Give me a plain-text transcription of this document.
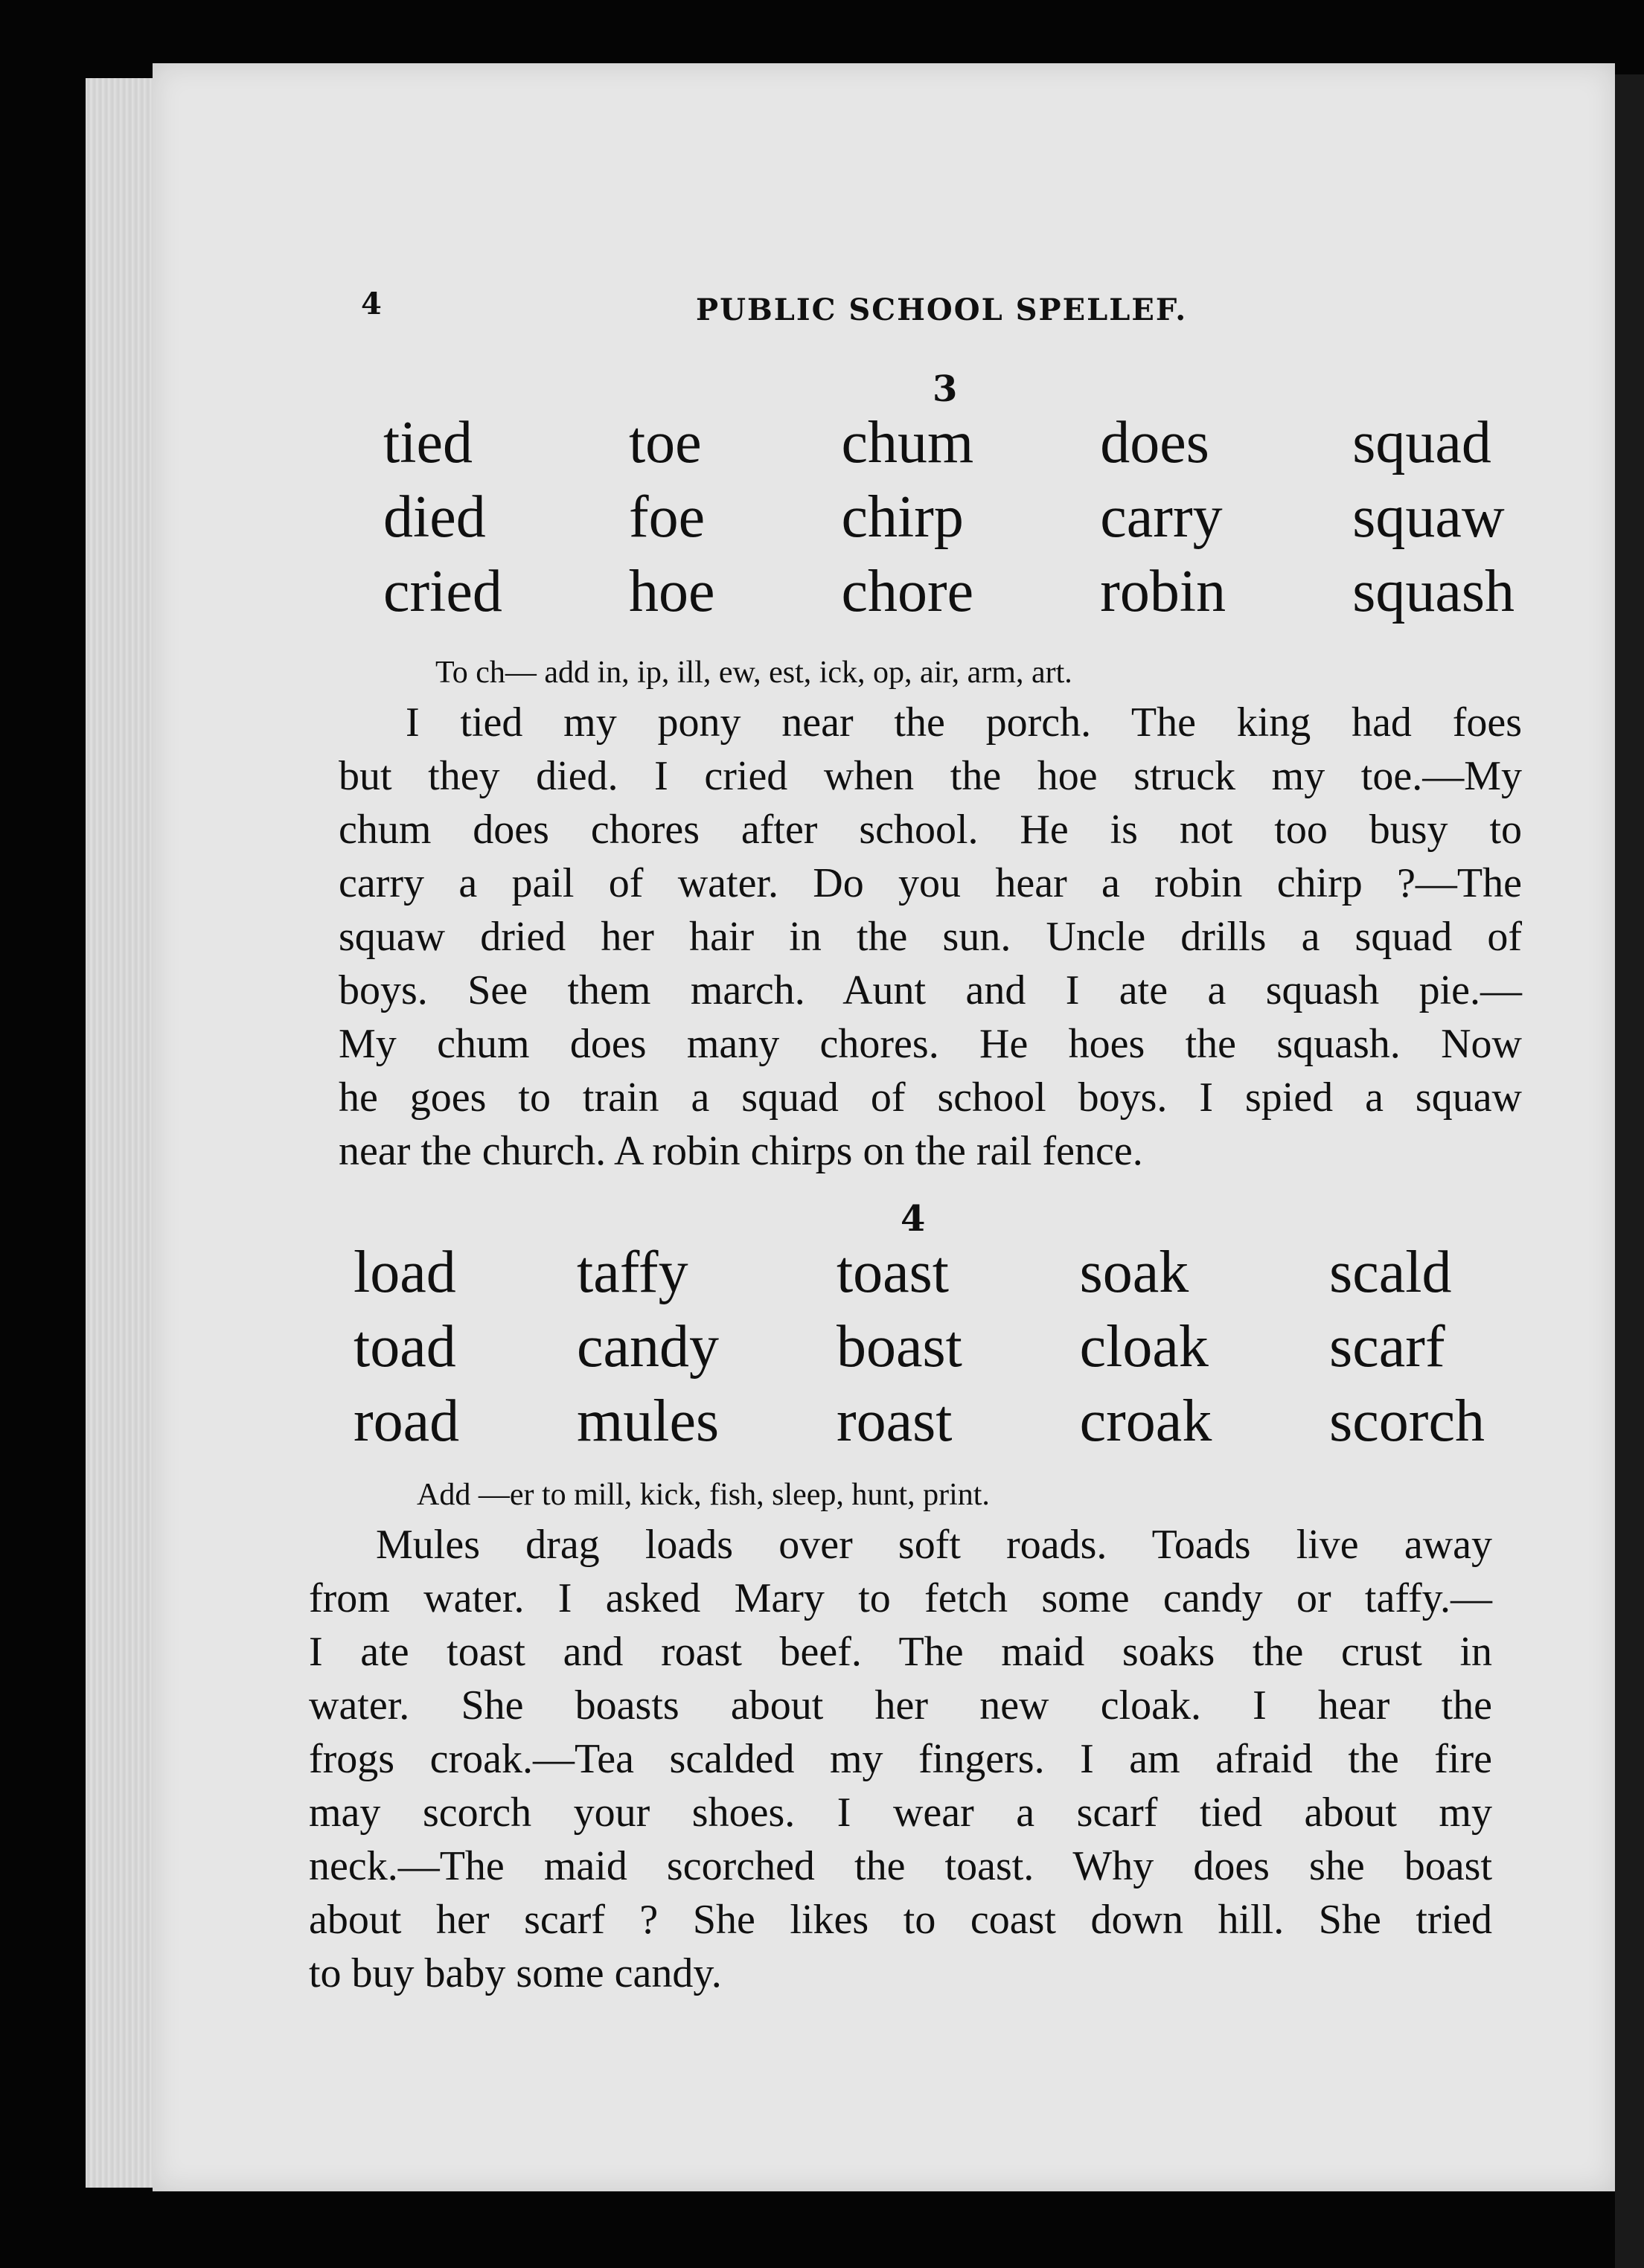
4	PUBLIC SCHOOL SPELLEF.
3
tied
died
cried
toe
foe
hoe
chum
chirp
chore
does
carry
robin
squad
squaw
squash
To ch— add in, ip, ill, ew, est, ick, op, air, arm, art.
I tied my pony near the porch. The king had foes
but they died. I cried when the hoe struck my toe.—My
chum does chores after school. He is not too busy to
carry a pail of water. Do you hear a robin chirp ?—The
squaw dried her hair in the sun. Uncle drills a squad of
boys. See them march. Aunt and I ate a squash pie.—
My chum does many chores. He hoes the squash. Now
he goes to train a squad of school boys. I spied a squaw
near the church. A robin chirps on the rail fence.
4
load
toad
road
taffy
candy
mules
toast
boast
roast
soak
cloak
croak
scald
scarf
scorch
Add —er to mill, kick, fish, sleep, hunt, print.
Mules drag loads over soft roads. Toads live away
from water. I asked Mary to fetch some candy or taffy.—
I ate toast and roast beef. The maid soaks the crust in
water. She boasts about her new cloak. I hear the
frogs croak.—Tea scalded my fingers. I am afraid the fire
may scorch your shoes. I wear a scarf tied about my
neck.—The maid scorched the toast. Why does she boast
about her scarf ? She likes to coast down hill. She tried
to buy baby some candy.
